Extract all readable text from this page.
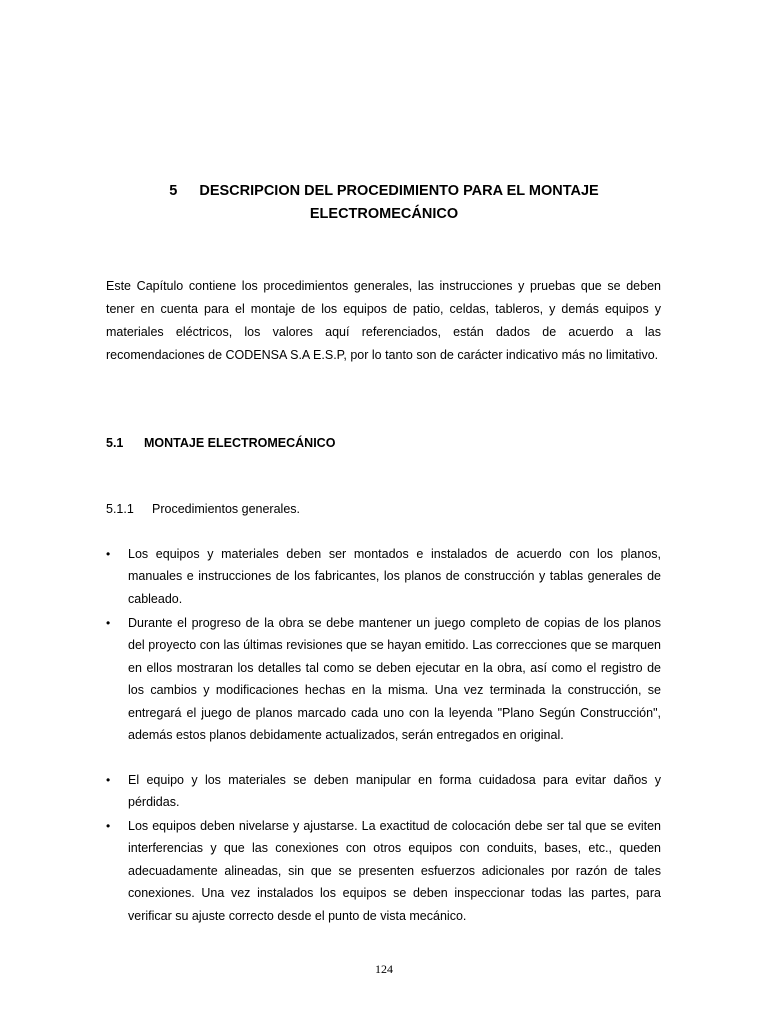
5 DESCRIPCION DEL PROCEDIMIENTO PARA EL MONTAJE
ELECTROMECÁNICO

Este Capítulo contiene los procedimientos generales, las instrucciones y pruebas que se deben tener en cuenta para el montaje de los equipos de patio, celdas, tableros, y demás equipos y materiales eléctricos, los valores aquí referenciados, están dados de acuerdo a las recomendaciones de CODENSA S.A E.S.P, por lo tanto son de carácter indicativo más no limitativo.

5.1 MONTAJE ELECTROMECÁNICO
5.1.1 Procedimientos generales.
•	Los equipos y materiales deben ser montados e instalados de acuerdo con los planos, manuales e instrucciones de los fabricantes, los planos de construcción y tablas generales de cableado.
•	Durante el progreso de la obra se debe mantener un juego completo de copias de los planos del proyecto con las últimas revisiones que se hayan emitido. Las correcciones que se marquen en ellos mostraran los detalles tal como se deben ejecutar en la obra, así como el registro de los cambios y modificaciones hechas en la misma. Una vez terminada la construcción, se entregará el juego de planos marcado cada uno con la leyenda "Plano Según Construcción", además estos planos debidamente actualizados, serán entregados en original.
•	El equipo y los materiales se deben manipular en forma cuidadosa para evitar daños y pérdidas.
•	Los equipos deben nivelarse y ajustarse. La exactitud de colocación debe ser tal que se eviten interferencias y que las conexiones con otros equipos con conduits, bases, etc., queden adecuadamente alineadas, sin que se presenten esfuerzos adicionales por razón de tales conexiones. Una vez instalados los equipos se deben inspeccionar todas las partes, para verificar su ajuste correcto desde el punto de vista mecánico.
124
